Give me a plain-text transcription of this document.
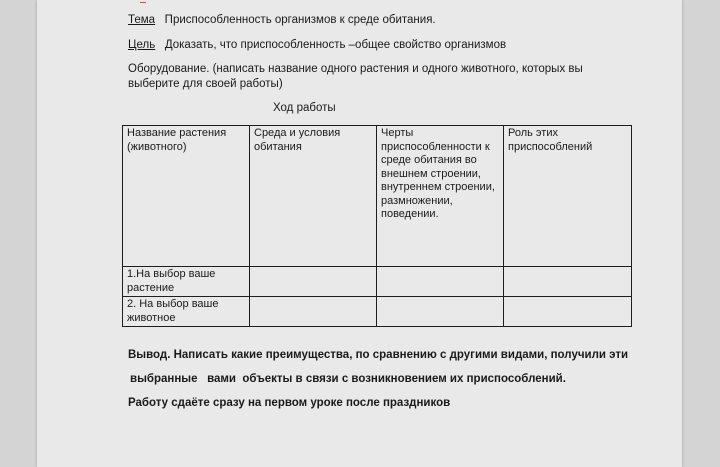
Тема Приспособленность организмов к среде обитания.
Цель Доказать, что приспособленность –общее свойство организмов
Оборудование. (написать название одного растения и одного животного, которых вы
выберите для своей работы)
Ход работы
Название растения (животного)	Среда и условия обитания	Черты приспособленности к среде обитания во внешнем строении, внутреннем строении, размножении, поведении.	Роль этих приспособлений
1.На выбор ваше растение			
2. На выбор ваше животное			
Вывод. Написать какие преимущества, по сравнению с другими видами, получили эти
выбранные   вами  объекты в связи с возникновением их приспособлений.
Работу сдаёте сразу на первом уроке после праздников
